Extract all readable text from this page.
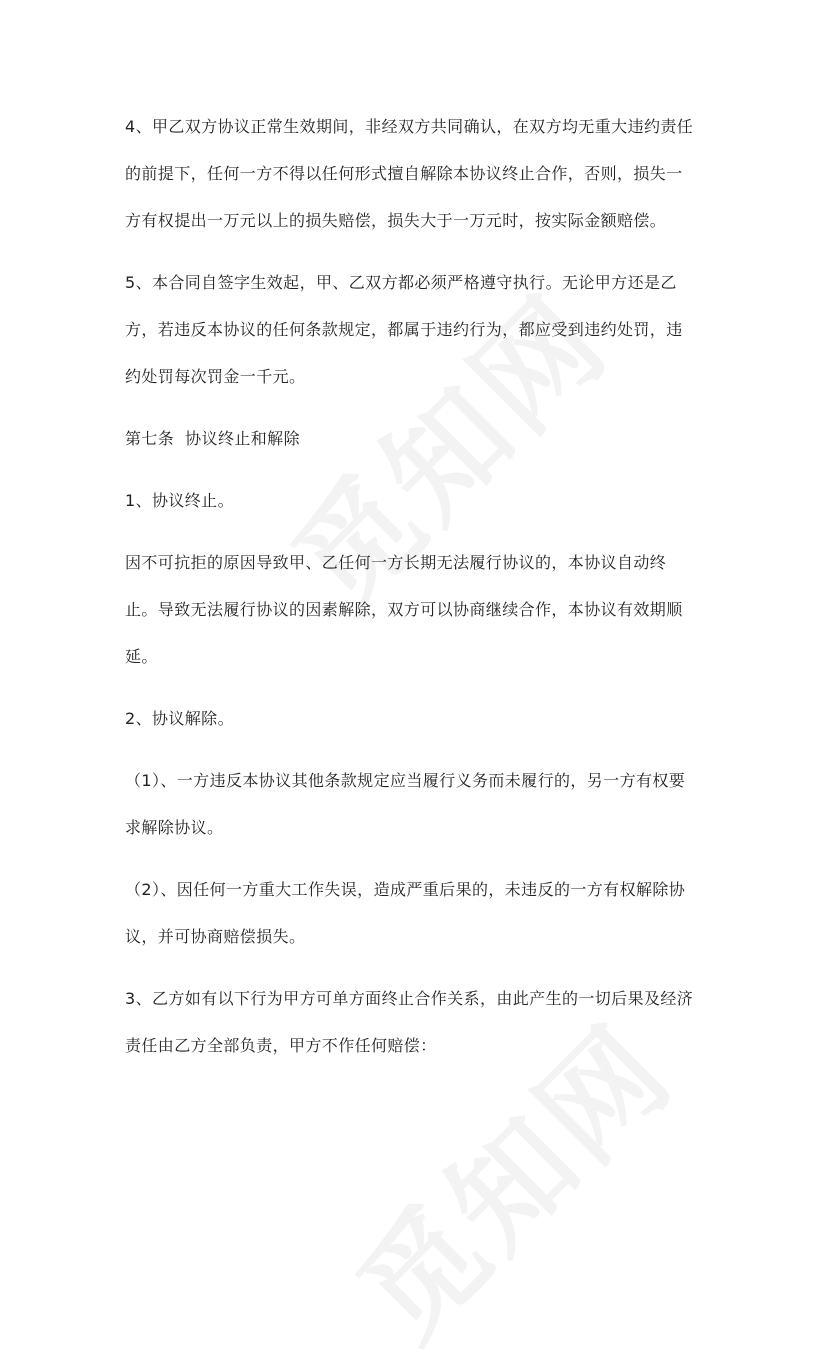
4、甲乙双方协议正常生效期间，非经双方共同确认，在双方均无重大违约责任

的前提下，任何一方不得以任何形式擅自解除本协议终止合作，否则，损失一

方有权提出一万元以上的损失赔偿，损失大于一万元时，按实际金额赔偿。

5、本合同自签字生效起，甲、乙双方都必须严格遵守执行。无论甲方还是乙

方，若违反本协议的任何条款规定，都属于违约行为，都应受到违约处罚，违

约处罚每次罚金一千元。

第七条  协议终止和解除

1、协议终止。

因不可抗拒的原因导致甲、乙任何一方长期无法履行协议的，本协议自动终

止。导致无法履行协议的因素解除，双方可以协商继续合作，本协议有效期顺

延。

2、协议解除。

（1）、一方违反本协议其他条款规定应当履行义务而未履行的，另一方有权要

求解除协议。

（2）、因任何一方重大工作失误，造成严重后果的，未违反的一方有权解除协

议，并可协商赔偿损失。

3、乙方如有以下行为甲方可单方面终止合作关系，由此产生的一切后果及经济

责任由乙方全部负责，甲方不作任何赔偿：
